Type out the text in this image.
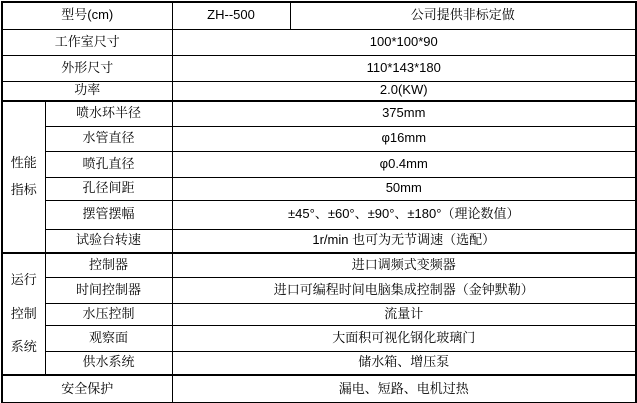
型号(cm)		ZH--500	公司提供非标定做
工作室尺寸		100*100*90	
外形尺寸		110*143*180	
功率		2.0(KW)	

性能
指标	喷水环半径	375mm	
	水管直径	φ16mm	
	喷孔直径	φ0.4mm	
	孔径间距	50mm	
	摆管摆幅	±45°、±60°、±90°、±180°（理论数值）	
	试验台转速	1r/min 也可为无节调速（选配）	

运行
控制
系统	控制器	进口调频式变频器	
	时间控制器	进口可编程时间电脑集成控制器（金钟默勒）	
	水压控制	流量计	
	观察面	大面积可视化钢化玻璃门	
	供水系统	储水箱、增压泵	
安全保护		漏电、短路、电机过热	
